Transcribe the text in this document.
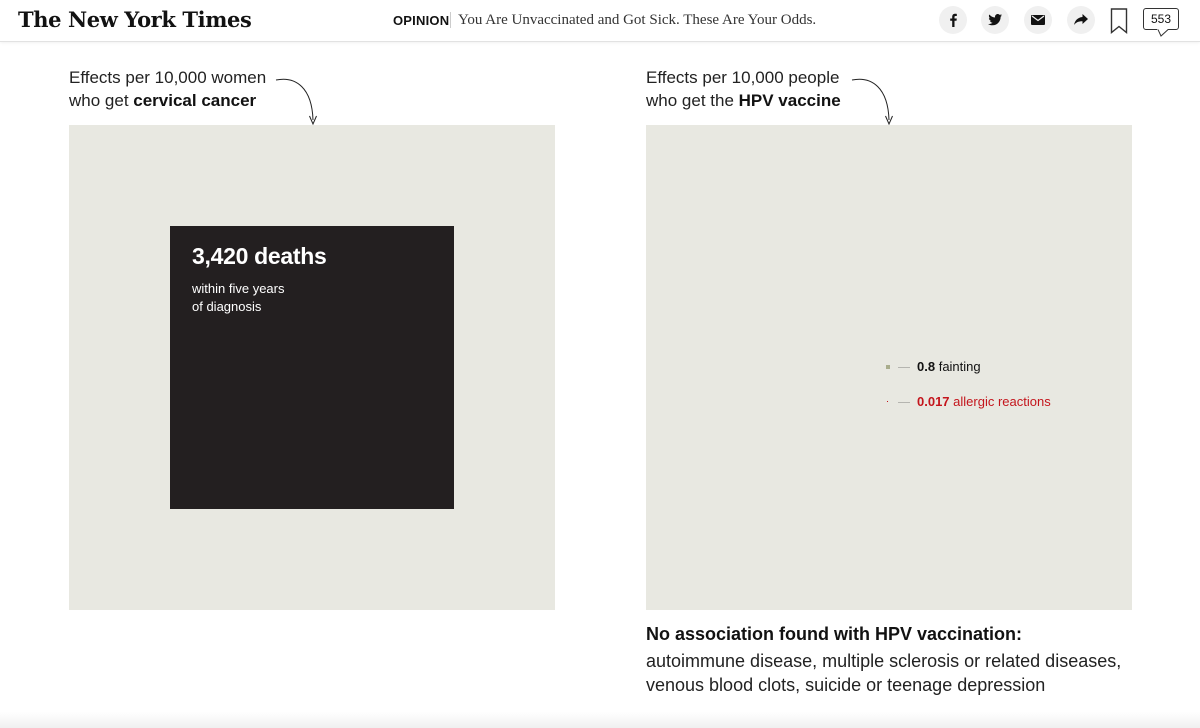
The New York Times	OPINION You Are Unvaccinated and Got Sick. These Are Your Odds.	553
Effects per 10,000 women
who get cervical cancer
3,420 deaths
within five years
of diagnosis
Effects per 10,000 people
who get the HPV vaccine
0.8 fainting
0.017 allergic reactions
No association found with HPV vaccination:
autoimmune disease, multiple sclerosis or related diseases,
venous blood clots, suicide or teenage depression
